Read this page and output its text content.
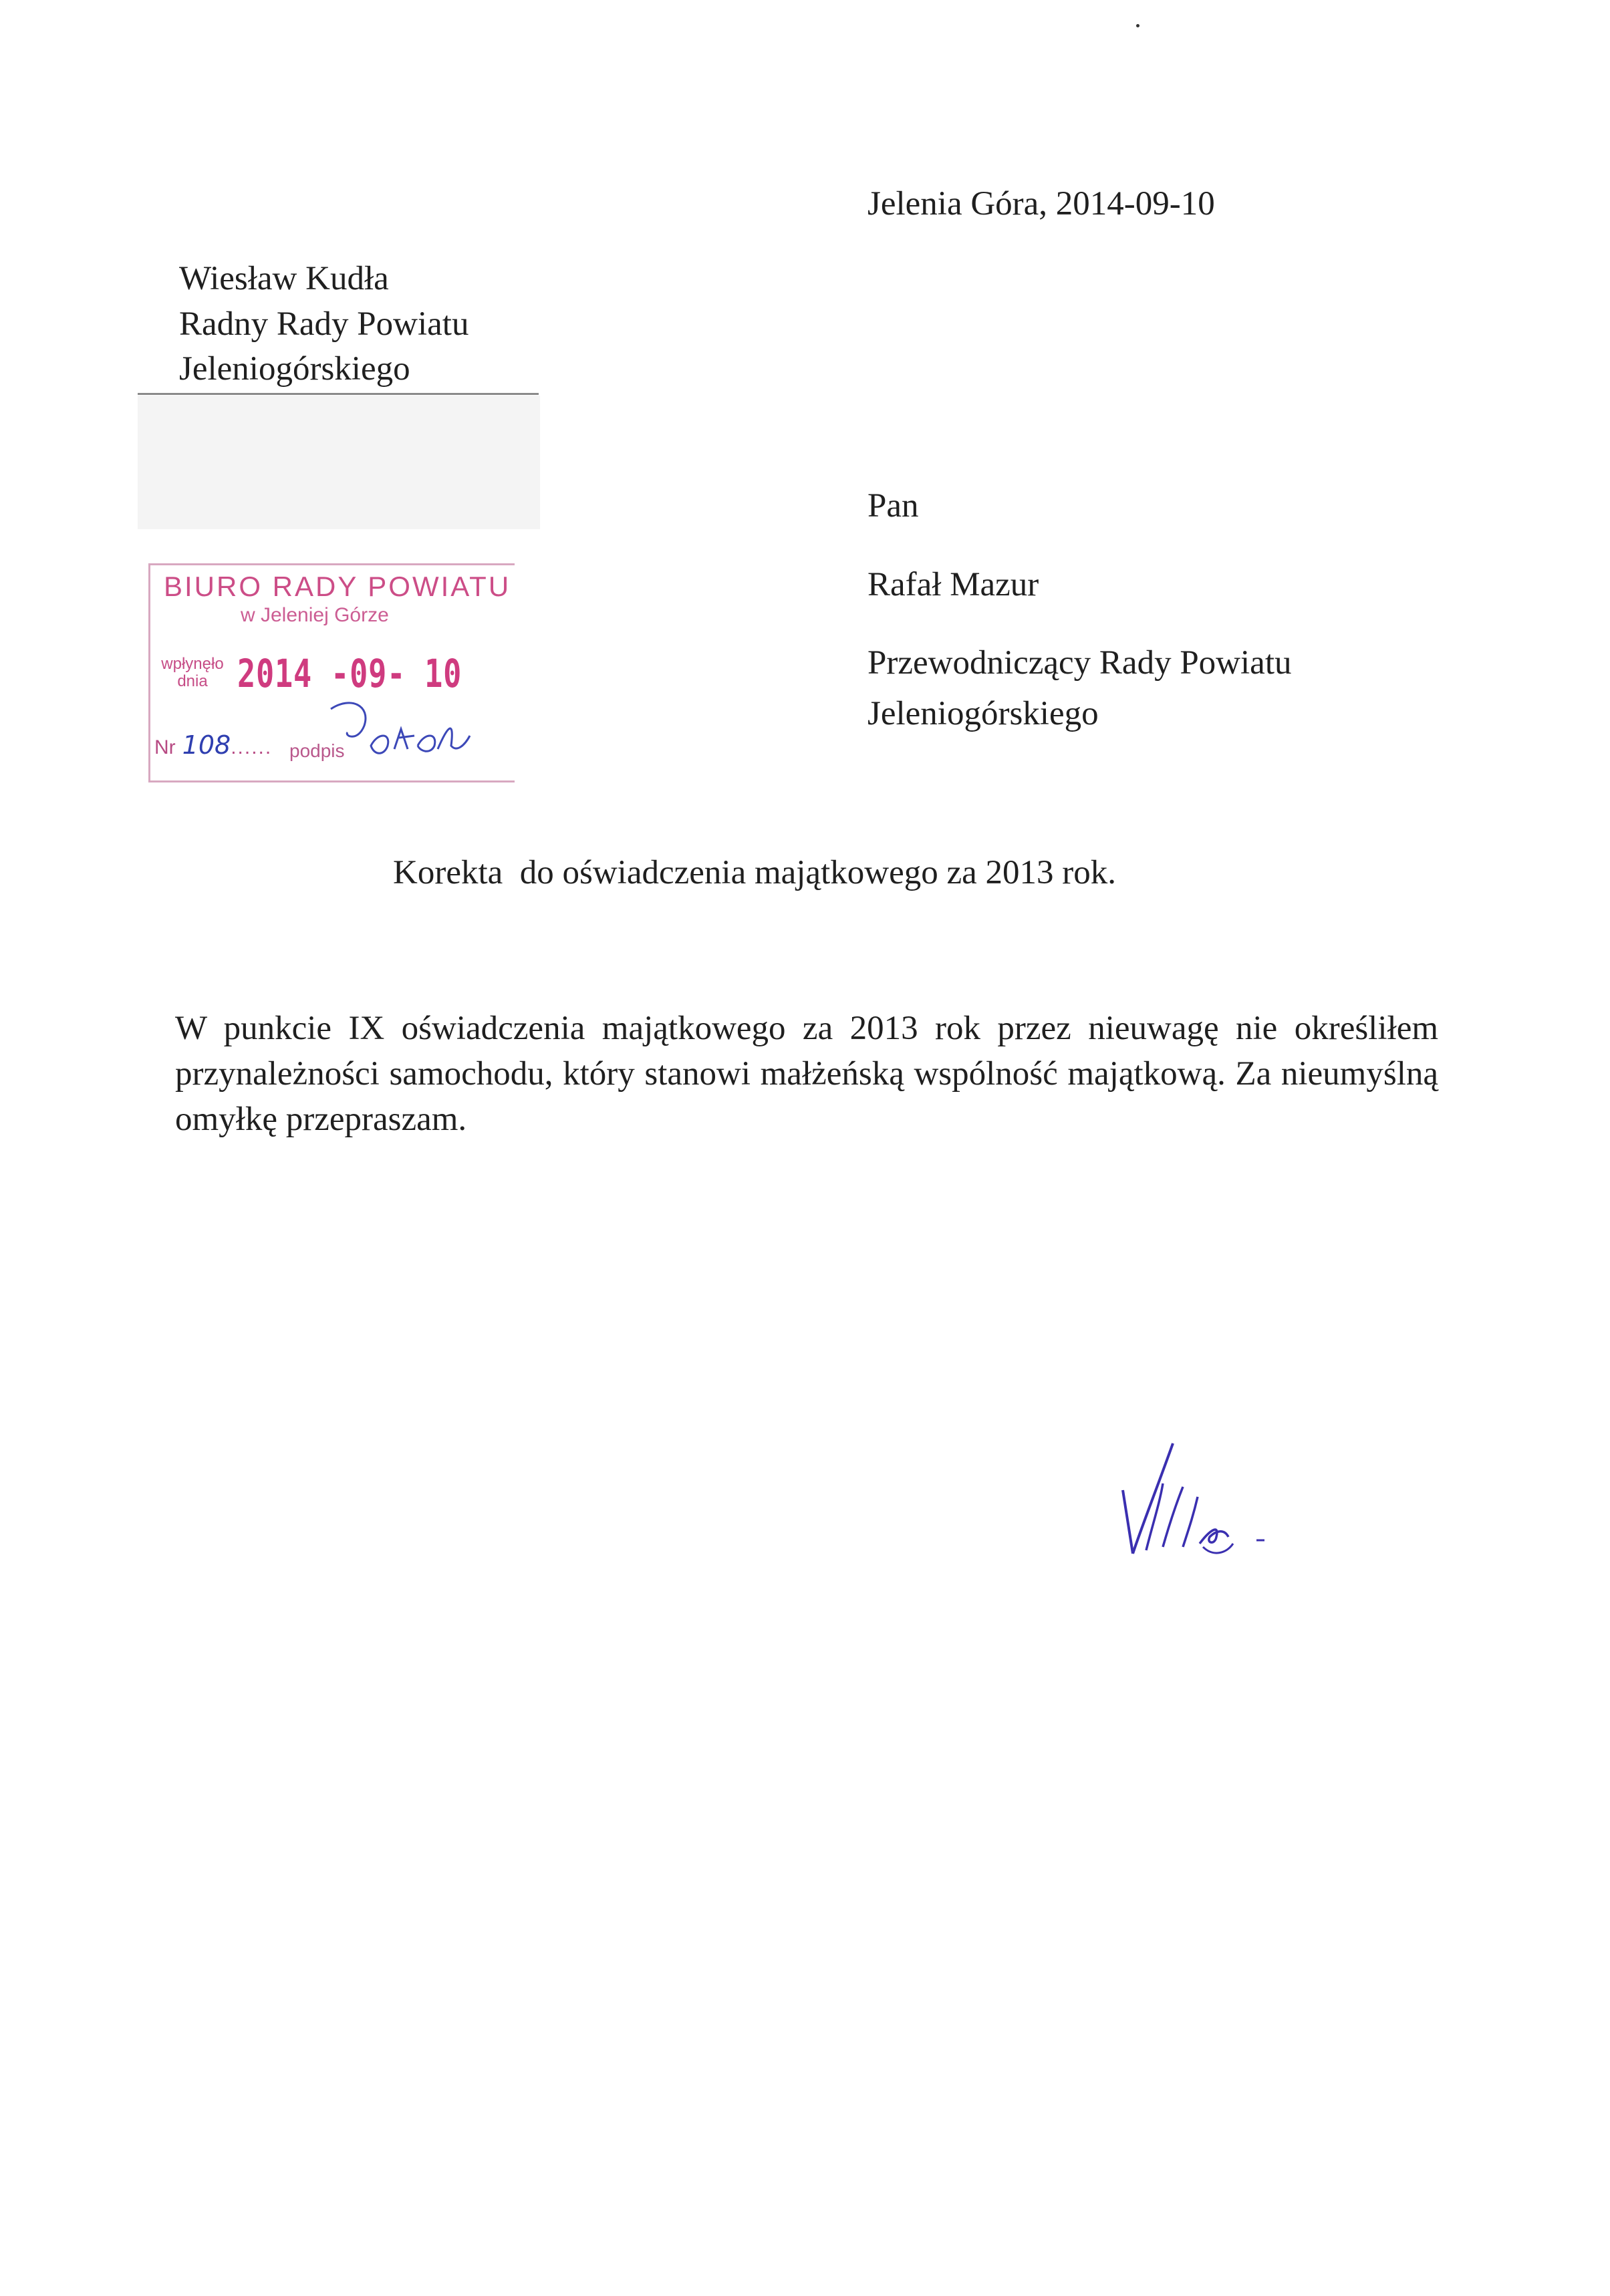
Jelenia Góra, 2014-09-10
Wiesław Kudła
Radny Rady Powiatu
Jeleniogórskiego
BIURO RADY POWIATU
w Jeleniej Górze
wpłynęło
dnia 2014 -09- 10
Nr 108...... podpis
Pan
Rafał Mazur
Przewodniczący Rady Powiatu
Jeleniogórskiego
Korekta  do oświadczenia majątkowego za 2013 rok.

W punkcie IX oświadczenia majątkowego za 2013 rok przez nieuwagę nie określiłem przynależności samochodu, który stanowi małżeńską wspólność majątkową. Za nieumyślną omyłkę przepraszam.
